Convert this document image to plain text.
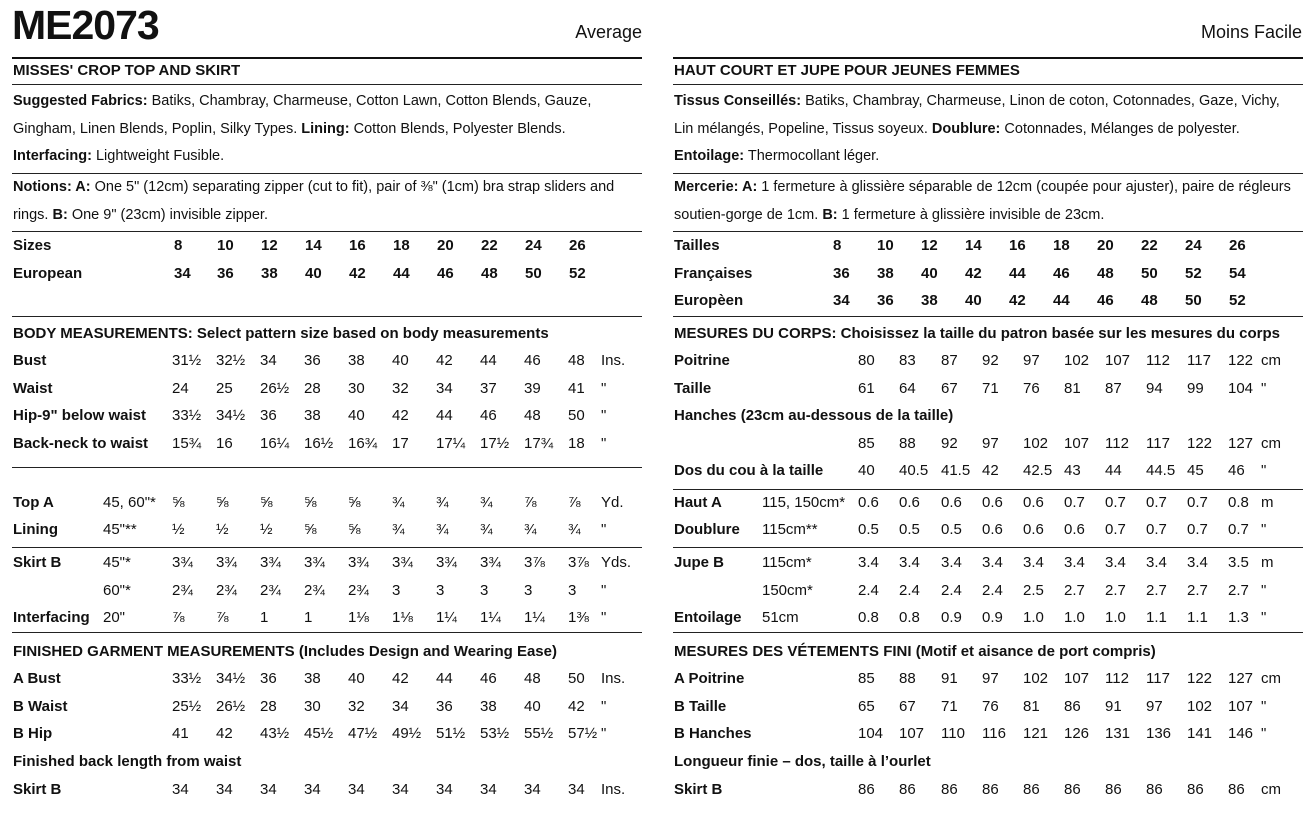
ME2073	Average	Moins Facile
MISSES' CROP TOP AND SKIRT
Suggested Fabrics: Batiks, Chambray, Charmeuse, Cotton Lawn, Cotton Blends, Gauze, Gingham, Linen Blends, Poplin, Silky Types. Lining: Cotton Blends, Polyester Blends. Interfacing: Lightweight Fusible.
Notions: A: One 5" (12cm) separating zipper (cut to fit), pair of ⅜" (1cm) bra strap sliders and rings. B: One 9" (23cm) invisible zipper.
Sizes	8 10 12 14 16 18 20 22 24 26
European	34 36 38 40 42 44 46 48 50 52
BODY MEASUREMENTS: Select pattern size based on body measurements
Bust	31½ 32½ 34 36 38 40 42 44 46 48 Ins.
Waist	24 25 26½ 28 30 32 34 37 39 41 "
Hip-9" below waist 33½ 34½ 36 38 40 42 44 46 48 50 "
Back-neck to waist 15¾ 16 16¼ 16½ 16¾ 17 17¼ 17½ 17¾ 18 "
Top A	45, 60"* ⅝ ⅝ ⅝ ⅝ ⅝ ¾ ¾ ¾ ⅞ ⅞ Yd.
Lining	45"** ½ ½ ½ ⅝ ⅝ ¾ ¾ ¾ ¾ ¾ "
Skirt B	45"*	3¾ 3¾ 3¾ 3¾ 3¾ 3¾ 3¾ 3¾ 3⅞ 3⅞ Yds.
60"*	2¾ 2¾ 2¾ 2¾ 2¾ 3 3 3 3 3 "
Interfacing 20"	⅞ ⅞ 1 1 1⅛ 1⅛ 1¼ 1¼ 1¼ 1⅜ "
FINISHED GARMENT MEASUREMENTS (Includes Design and Wearing Ease)
A Bust	33½ 34½ 36 38 40 42 44 46 48 50 Ins.
B Waist	25½ 26½ 28 30 32 34 36 38 40 42 "
B Hip	41 42 43½ 45½ 47½ 49½ 51½ 53½ 55½ 57½ "
Finished back length from waist
Skirt B	34 34 34 34 34 34 34 34 34 34 Ins.
HAUT COURT ET JUPE POUR JEUNES FEMMES
Tissus Conseillés: Batiks, Chambray, Charmeuse, Linon de coton, Cotonnades, Gaze, Vichy, Lin mélangés, Popeline, Tissus soyeux. Doublure: Cotonnades, Mélanges de polyester. Entoilage: Thermocollant léger.
Mercerie: A: 1 fermeture à glissière séparable de 12cm (coupée pour ajuster), paire de régleurs soutien-gorge de 1cm. B: 1 fermeture à glissière invisible de 23cm.
Tailles	8 10 12 14 16 18 20 22 24 26
Françaises	36 38 40 42 44 46 48 50 52 54
Europèen	34 36 38 40 42 44 46 48 50 52
MESURES DU CORPS: Choisissez la taille du patron basée sur les mesures du corps
Poitrine	80 83 87 92 97 102 107 112 117 122 cm
Taille	61 64 67 71 76 81 87 94 99 104 "
Hanches (23cm au-dessous de la taille)
85 88 92 97 102 107 112 117 122 127 cm
Dos du cou à la taille 40 40.5 41.5 42 42.5 43 44 44.5 45 46 "
Haut A	115, 150cm* 0.6 0.6 0.6 0.6 0.6 0.7 0.7 0.7 0.7 0.8 m
Doublure 115cm**	0.5 0.5 0.5 0.6 0.6 0.6 0.7 0.7 0.7 0.7 "
Jupe B	115cm*	3.4 3.4 3.4 3.4 3.4 3.4 3.4 3.4 3.4 3.5 m
150cm*	2.4 2.4 2.4 2.4 2.5 2.7 2.7 2.7 2.7 2.7 "
Entoilage 51cm	0.8 0.8 0.9 0.9 1.0 1.0 1.0 1.1 1.1 1.3 "
MESURES DES VÉTEMENTS FINI (Motif et aisance de port compris)
A Poitrine	85 88 91 97 102 107 112 117 122 127 cm
B Taille	65 67 71 76 81 86 91 97 102 107 "
B Hanches	104 107 110 116 121 126 131 136 141 146 "
Longueur finie – dos, taille à l’ourlet
Skirt B	86 86 86 86 86 86 86 86 86 86 cm
